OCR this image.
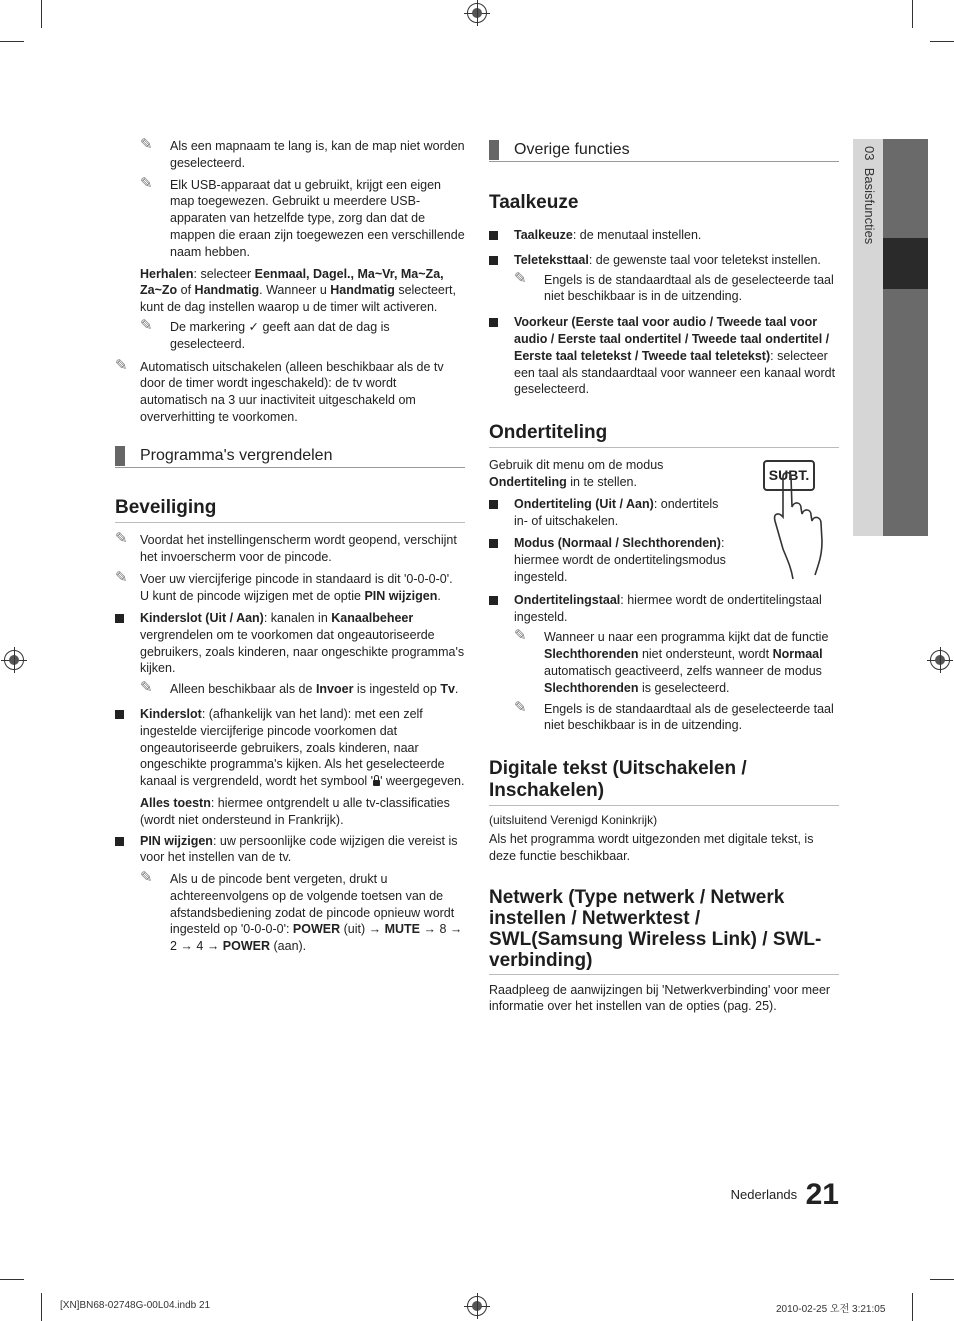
03  Basisfuncties

✎ Als een mapnaam te lang is, kan de map niet worden geselecteerd.

✎ Elk USB-apparaat dat u gebruikt, krijgt een eigen map toegewezen. Gebruikt u meerdere USB-apparaten van hetzelfde type, zorg dan dat de mappen die eraan zijn toegewezen een verschillende naam hebben.

Herhalen: selecteer Eenmaal, Dagel., Ma~Vr, Ma~Za, Za~Zo of Handmatig. Wanneer u Handmatig selecteert, kunt de dag instellen waarop u de timer wilt activeren.

✎ De markering ✓ geeft aan dat de dag is geselecteerd.

✎ Automatisch uitschakelen (alleen beschikbaar als de tv door de timer wordt ingeschakeld): de tv wordt automatisch na 3 uur inactiviteit uitgeschakeld om oververhitting te voorkomen.

Programma's vergrendelen
Beveiliging

✎ Voordat het instellingenscherm wordt geopend, verschijnt het invoerscherm voor de pincode.

✎ Voer uw viercijferige pincode in standaard is dit '0-0-0-0'. U kunt de pincode wijzigen met de optie PIN wijzigen.

Kinderslot (Uit / Aan): kanalen in Kanaalbeheer vergrendelen om te voorkomen dat ongeautoriseerde gebruikers, zoals kinderen, naar ongeschikte programma's kijken.

✎ Alleen beschikbaar als de Invoer is ingesteld op Tv.

Kinderslot: (afhankelijk van het land): met een zelf ingestelde viercijferige pincode voorkomen dat ongeautoriseerde gebruikers, zoals kinderen, naar ongeschikte programma's kijken. Als het geselecteerde kanaal is vergrendeld, wordt het symbool ' ' weergegeven.

Alles toestn: hiermee ontgrendelt u alle tv-classificaties (wordt niet ondersteund in Frankrijk).

PIN wijzigen: uw persoonlijke code wijzigen die vereist is voor het instellen van de tv.

✎ Als u de pincode bent vergeten, drukt u achtereenvolgens op de volgende toetsen van de afstandsbediening zodat de pincode opnieuw wordt ingesteld op '0-0-0-0': POWER (uit) → MUTE → 8 → 2 → 4 → POWER (aan).

Overige functies
Taalkeuze

Taalkeuze: de menutaal instellen.

Teleteksttaal: de gewenste taal voor teletekst instellen.

✎ Engels is de standaardtaal als de geselecteerde taal niet beschikbaar is in de uitzending.

Voorkeur (Eerste taal voor audio / Tweede taal voor audio / Eerste taal ondertitel / Tweede taal ondertitel / Eerste taal teletekst / Tweede taal teletekst): selecteer een taal als standaardtaal voor wanneer een kanaal wordt geselecteerd.

Ondertiteling

Gebruik dit menu om de modus Ondertiteling in te stellen.

Ondertiteling (Uit / Aan): ondertitels in- of uitschakelen.

Modus (Normaal / Slechthorenden): hiermee wordt de ondertitelingsmodus ingesteld.

SUBT.

Ondertitelingstaal: hiermee wordt de ondertitelingstaal ingesteld.

✎ Wanneer u naar een programma kijkt dat de functie Slechthorenden niet ondersteunt, wordt Normaal automatisch geactiveerd, zelfs wanneer de modus Slechthorenden is geselecteerd.

✎ Engels is de standaardtaal als de geselecteerde taal niet beschikbaar is in de uitzending.

Digitale tekst (Uitschakelen / Inschakelen)

(uitsluitend Verenigd Koninkrijk)

Als het programma wordt uitgezonden met digitale tekst, is deze functie beschikbaar.

Netwerk (Type netwerk / Netwerk instellen / Netwerktest / SWL(Samsung Wireless Link) / SWL-verbinding)

Raadpleeg de aanwijzingen bij 'Netwerkverbinding' voor meer informatie over het instellen van de opties (pag. 25).

$^{Nederlands}$ 21
[XN]BN68-02748G-00L04.indb 21	2010-02-25 오전 3:21:05
